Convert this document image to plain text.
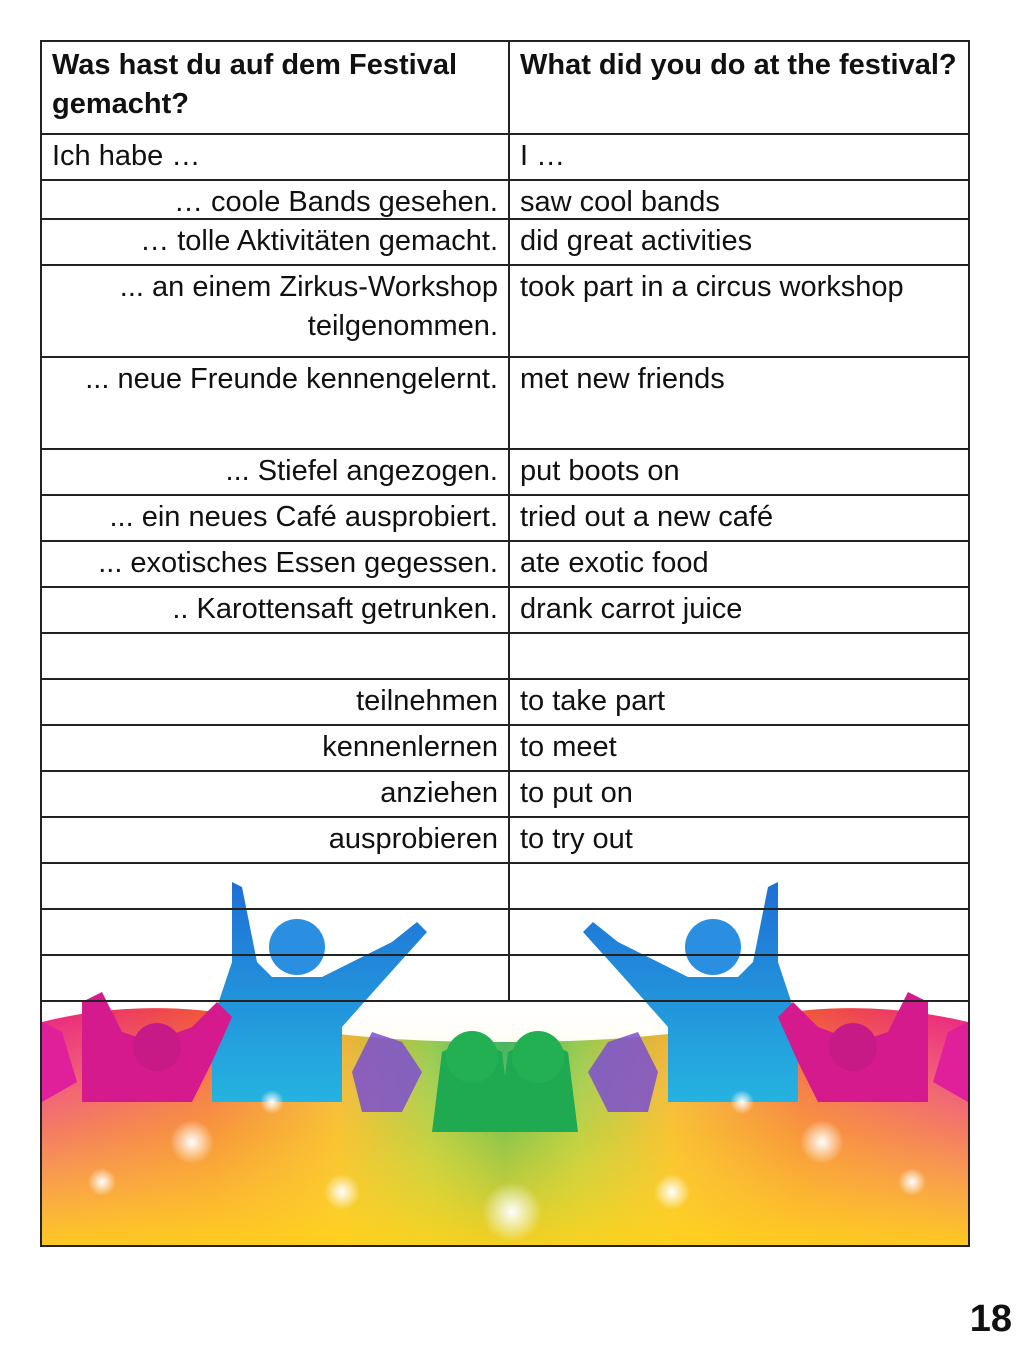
Was hast du auf dem Festival gemacht?
What did you do at the festival?
Ich habe …	I …
… coole Bands gesehen. saw cool bands
… tolle Aktivitäten gemacht. did great activities
... an einem Zirkus-Workshop teilgenommen.
took part in a circus workshop
... neue Freunde kennengelernt. met new friends
... Stiefel angezogen. put boots on
... ein neues Café ausprobiert. tried out a new café
... exotisches Essen gegessen. ate exotic food
.. Karottensaft getrunken. drank carrot juice
teilnehmen to take part
kennenlernen to meet
anziehen to put on
ausprobieren to try out
18
